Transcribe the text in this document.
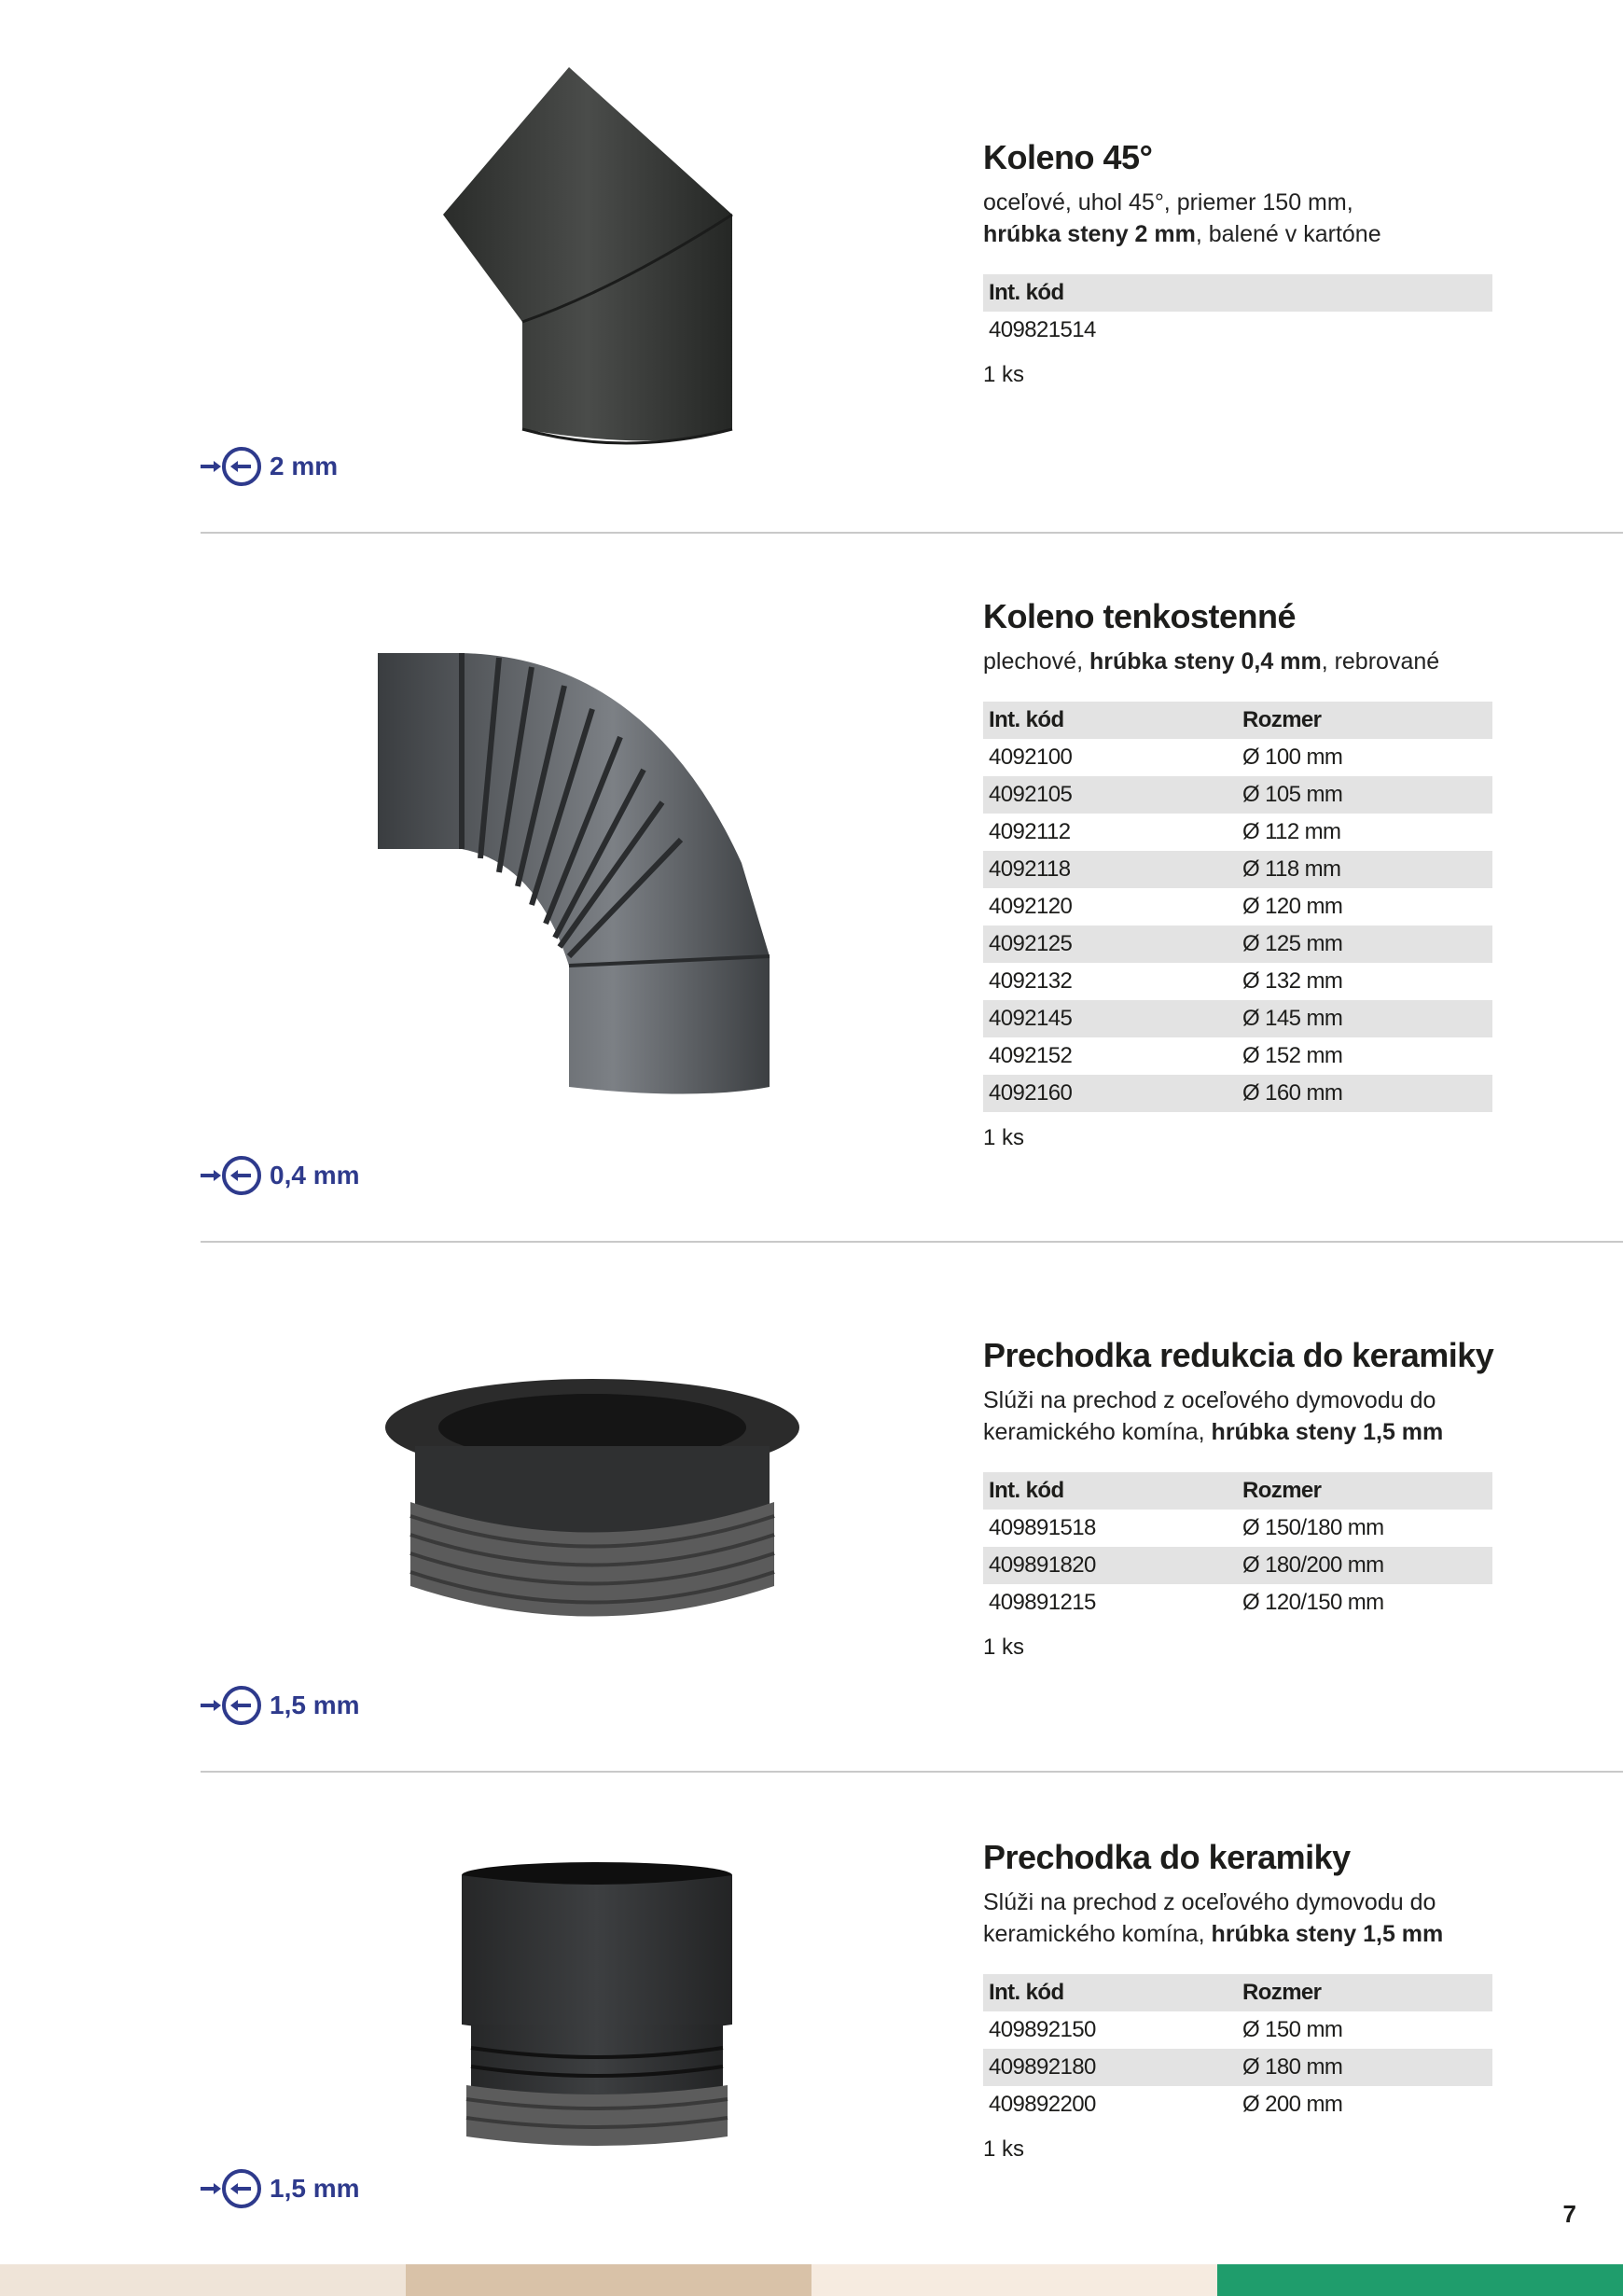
Koleno 45°

oceľové, uhol 45°, priemer 150 mm,
hrúbka steny 2 mm, balené v kartóne

Int. kód
409821514
1 ks
2 mm
Koleno tenkostenné

plechové, hrúbka steny 0,4 mm, rebrované

Int. kód	Rozmer
4092100	Ø 100 mm
4092105	Ø 105 mm
4092112	Ø 112 mm
4092118	Ø 118 mm
4092120	Ø 120 mm
4092125	Ø 125 mm
4092132	Ø 132 mm
4092145	Ø 145 mm
4092152	Ø 152 mm
4092160	Ø 160 mm
1 ks
0,4 mm
Prechodka redukcia do keramiky

Slúži na prechod z oceľového dymovodu do
keramického komína, hrúbka steny 1,5 mm

Int. kód	Rozmer
409891518	Ø 150/180 mm
409891820	Ø 180/200 mm
409891215	Ø 120/150 mm
1 ks
1,5 mm
Prechodka do keramiky

Slúži na prechod z oceľového dymovodu do
keramického komína, hrúbka steny 1,5 mm

Int. kód	Rozmer
409892150	Ø 150 mm
409892180	Ø 180 mm
409892200	Ø 200 mm
1 ks
1,5 mm
7
